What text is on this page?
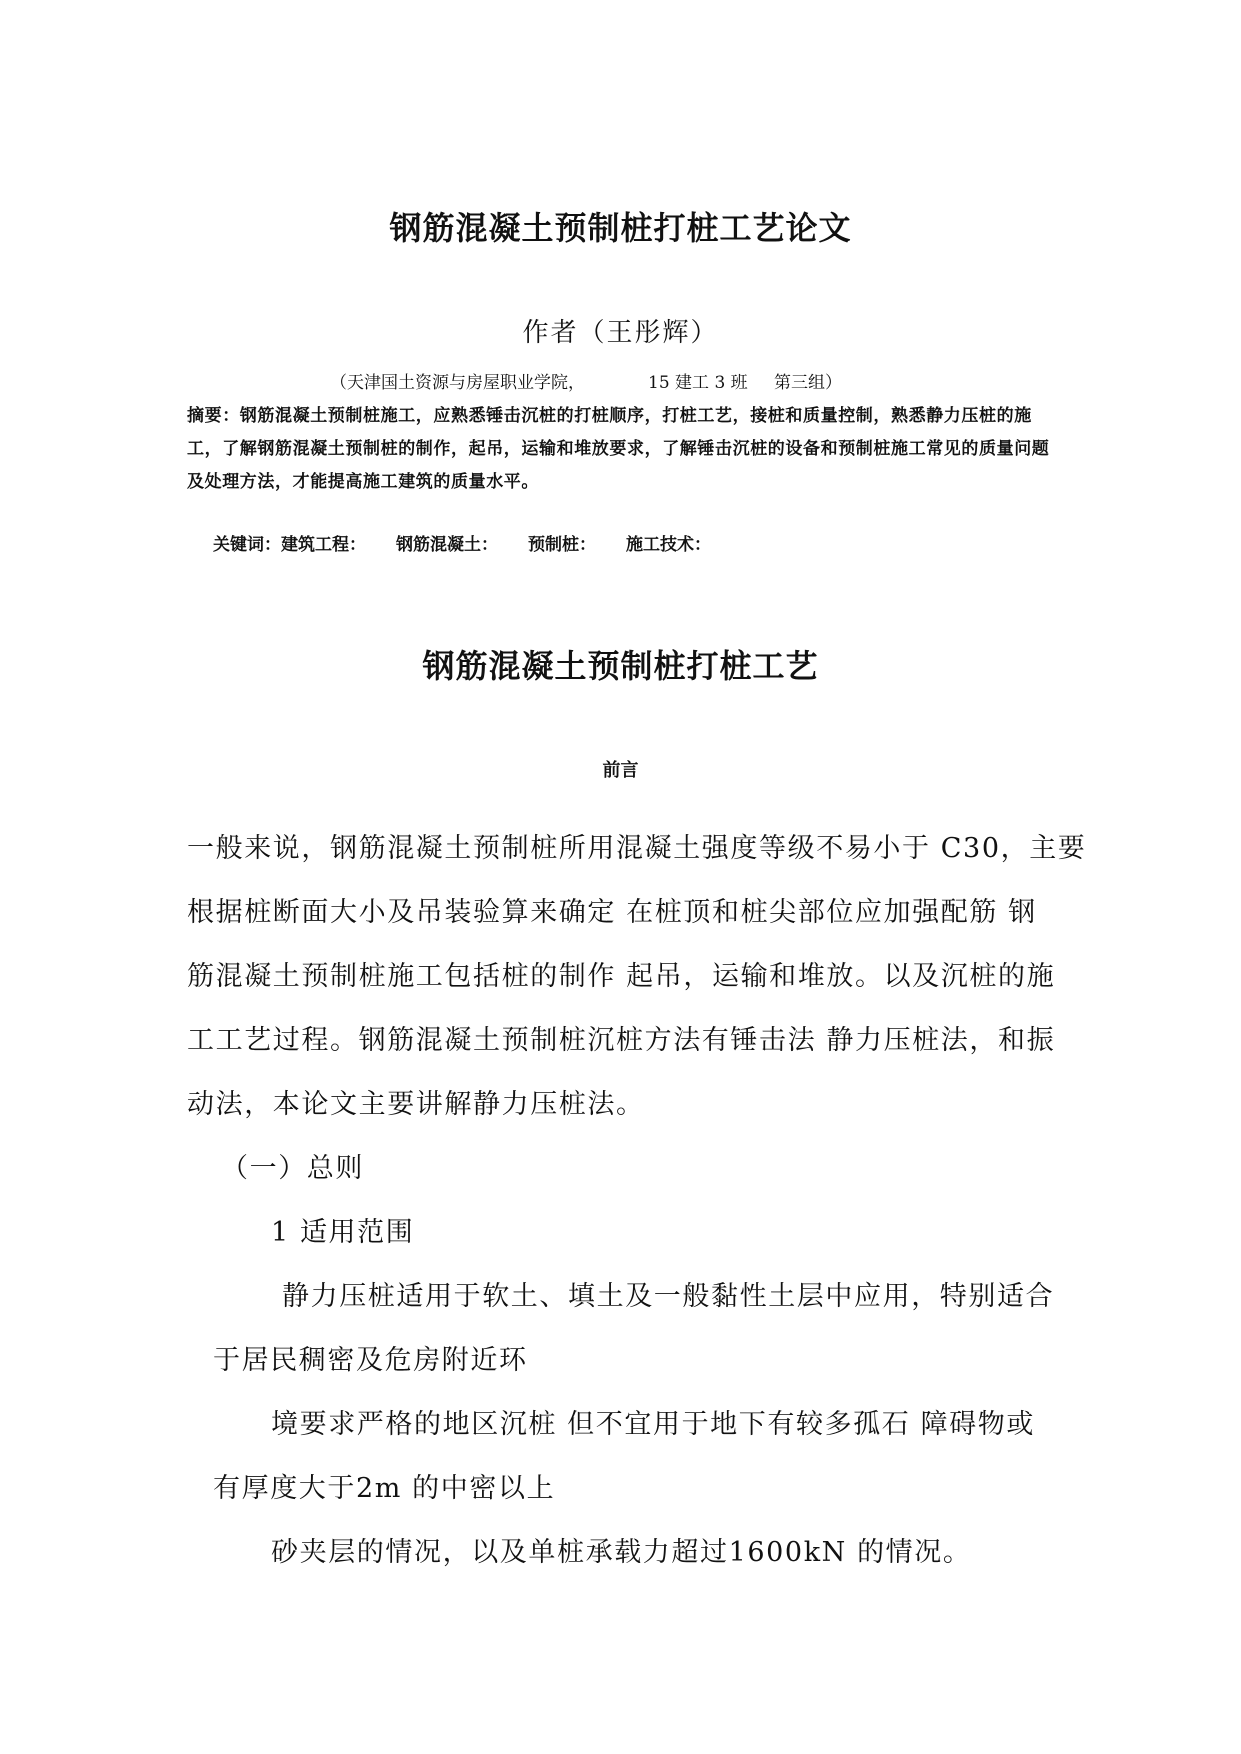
钢筋混凝土预制桩打桩工艺论文
作者（王彤辉）
（天津国土资源与房屋职业学院，	15 建工 3 班	第三组）
摘要：钢筋混凝土预制桩施工，应熟悉锤击沉桩的打桩顺序，打桩工艺，接桩和质量控制，熟悉静力压桩的施工，了解钢筋混凝土预制桩的制作，起吊，运输和堆放要求，了解锤击沉桩的设备和预制桩施工常见的质量问题及处理方法，才能提高施工建筑的质量水平。
关键词： 建筑工程： 钢筋混凝土： 预制桩： 施工技术：
钢筋混凝土预制桩打桩工艺
前言
一般来说，钢筋混凝土预制桩所用混凝土强度等级不易小于 C30，主要
根据桩断面大小及吊装验算来确定 在桩顶和桩尖部位应加强配筋 钢
筋混凝土预制桩施工包括桩的制作 起吊，运输和堆放。以及沉桩的施
工工艺过程。钢筋混凝土预制桩沉桩方法有锤击法 静力压桩法，和振
动法，本论文主要讲解静力压桩法。
（一）总则
1 适用范围
静力压桩适用于软土、填土及一般黏性土层中应用，特别适合
于居民稠密及危房附近环
境要求严格的地区沉桩 但不宜用于地下有较多孤石 障碍物或
有厚度大于2m 的中密以上
砂夹层的情况，以及单桩承载力超过1600kN 的情况。
